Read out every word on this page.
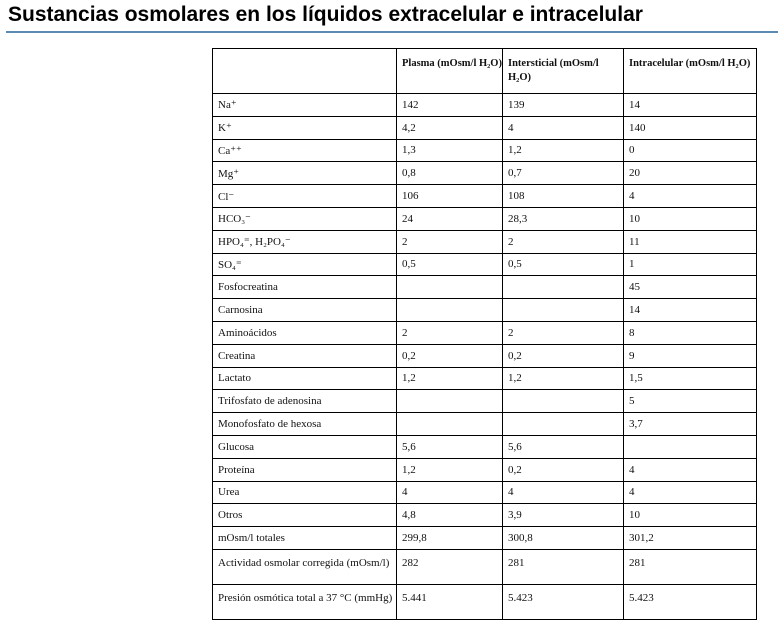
Sustancias osmolares en los líquidos extracelular e intracelular
	Plasma (mOsm/l H₂O)	Intersticial (mOsm/l H₂O)	Intracelular (mOsm/l H₂O)
Na⁺	142	139	14
K⁺	4,2	4	140
Ca⁺⁺	1,3	1,2	0
Mg⁺	0,8	0,7	20
Cl⁻	106	108	4
HCO₃⁻	24	28,3	10
HPO₄⁼, H₂PO₄⁻	2	2	11
SO₄⁼	0,5	0,5	1
Fosfocreatina			45
Carnosina			14
Aminoácidos	2	2	8
Creatina	0,2	0,2	9
Lactato	1,2	1,2	1,5
Trifosfato de adenosina			5
Monofosfato de hexosa			3,7
Glucosa	5,6	5,6	
Proteína	1,2	0,2	4
Urea	4	4	4
Otros	4,8	3,9	10
mOsm/l totales	299,8	300,8	301,2
Actividad osmolar corregida (mOsm/l)	282	281	281
Presión osmótica total a 37 °C (mmHg)	5.441	5.423	5.423
